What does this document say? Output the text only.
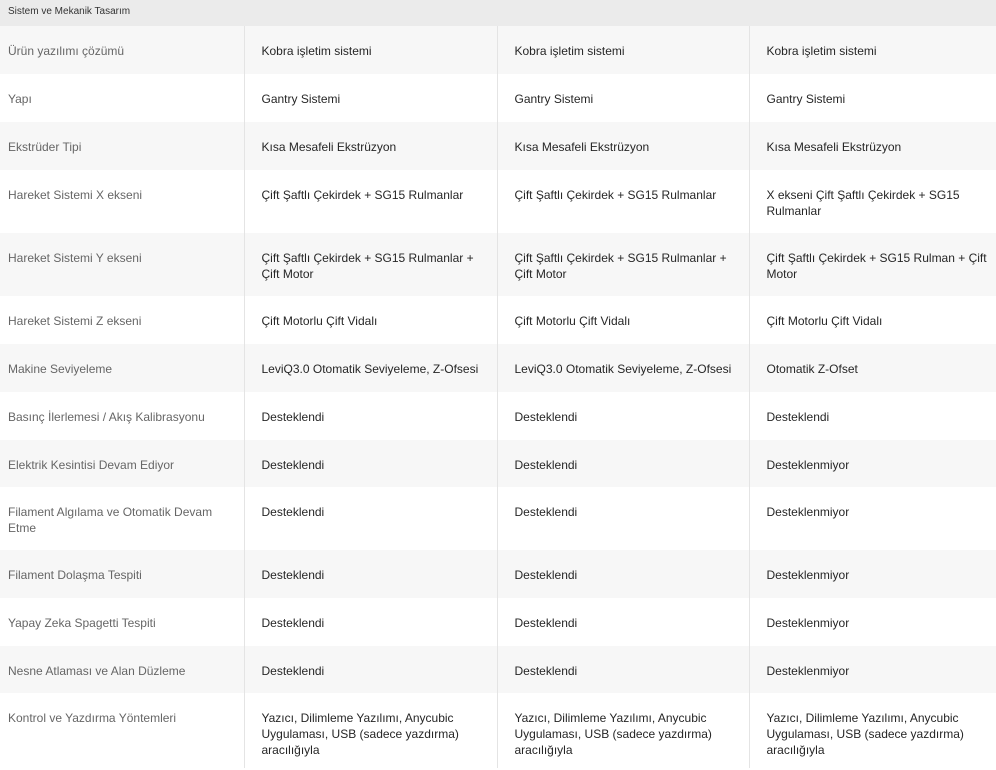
Sistem ve Mekanik Tasarım
Ürün yazılımı çözümü	Kobra işletim sistemi	Kobra işletim sistemi	Kobra işletim sistemi
Yapı	Gantry Sistemi	Gantry Sistemi	Gantry Sistemi
Ekstrüder Tipi	Kısa Mesafeli Ekstrüzyon	Kısa Mesafeli Ekstrüzyon	Kısa Mesafeli Ekstrüzyon
Hareket Sistemi X ekseni	Çift Şaftlı Çekirdek + SG15 Rulmanlar	Çift Şaftlı Çekirdek + SG15 Rulmanlar	X ekseni Çift Şaftlı Çekirdek + SG15 Rulmanlar
Hareket Sistemi Y ekseni	Çift Şaftlı Çekirdek + SG15 Rulmanlar + Çift Motor	Çift Şaftlı Çekirdek + SG15 Rulmanlar + Çift Motor	Çift Şaftlı Çekirdek + SG15 Rulman + Çift Motor
Hareket Sistemi Z ekseni	Çift Motorlu Çift Vidalı	Çift Motorlu Çift Vidalı	Çift Motorlu Çift Vidalı
Makine Seviyeleme	LeviQ3.0 Otomatik Seviyeleme, Z-Ofsesi	LeviQ3.0 Otomatik Seviyeleme, Z-Ofsesi	Otomatik Z-Ofset
Basınç İlerlemesi / Akış Kalibrasyonu	Desteklendi	Desteklendi	Desteklendi
Elektrik Kesintisi Devam Ediyor	Desteklendi	Desteklendi	Desteklenmiyor
Filament Algılama ve Otomatik Devam Etme	Desteklendi	Desteklendi	Desteklenmiyor
Filament Dolaşma Tespiti	Desteklendi	Desteklendi	Desteklenmiyor
Yapay Zeka Spagetti Tespiti	Desteklendi	Desteklendi	Desteklenmiyor
Nesne Atlaması ve Alan Düzleme	Desteklendi	Desteklendi	Desteklenmiyor
Kontrol ve Yazdırma Yöntemleri	Yazıcı, Dilimleme Yazılımı, Anycubic Uygulaması, USB (sadece yazdırma) aracılığıyla	Yazıcı, Dilimleme Yazılımı, Anycubic Uygulaması, USB (sadece yazdırma) aracılığıyla	Yazıcı, Dilimleme Yazılımı, Anycubic Uygulaması, USB (sadece yazdırma) aracılığıyla
